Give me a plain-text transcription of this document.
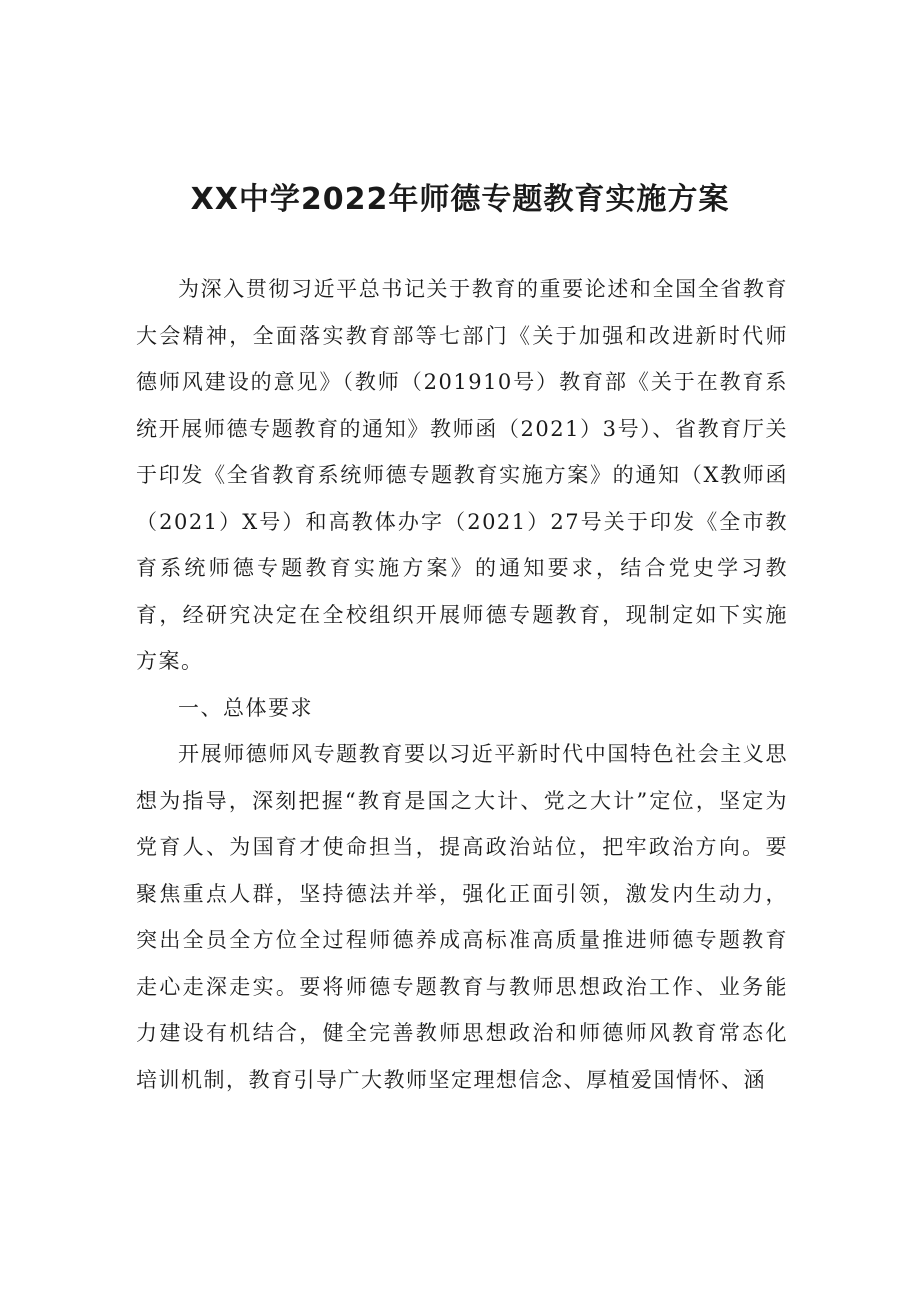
XX中学2022年师德专题教育实施方案

为深入贯彻习近平总书记关于教育的重要论述和全国全省教育大会精神，全面落实教育部等七部门《关于加强和改进新时代师德师风建设的意见》（教师（201910号）教育部《关于在教育系统开展师德专题教育的通知》教师函（2021）3号）、省教育厅关于印发《全省教育系统师德专题教育实施方案》的通知（X教师函（2021）X号）和高教体办字（2021）27号关于印发《全市教育系统师德专题教育实施方案》的通知要求，结合党史学习教育，经研究决定在全校组织开展师德专题教育，现制定如下实施方案。

一、总体要求

开展师德师风专题教育要以习近平新时代中国特色社会主义思想为指导，深刻把握“教育是国之大计、党之大计”定位，坚定为党育人、为国育才使命担当，提高政治站位，把牢政治方向。要聚焦重点人群，坚持德法并举，强化正面引领，激发内生动力，突出全员全方位全过程师德养成高标准高质量推进师德专题教育走心走深走实。要将师德专题教育与教师思想政治工作、业务能力建设有机结合，健全完善教师思想政治和师德师风教育常态化培训机制，教育引导广大教师坚定理想信念、厚植爱国情怀、涵
